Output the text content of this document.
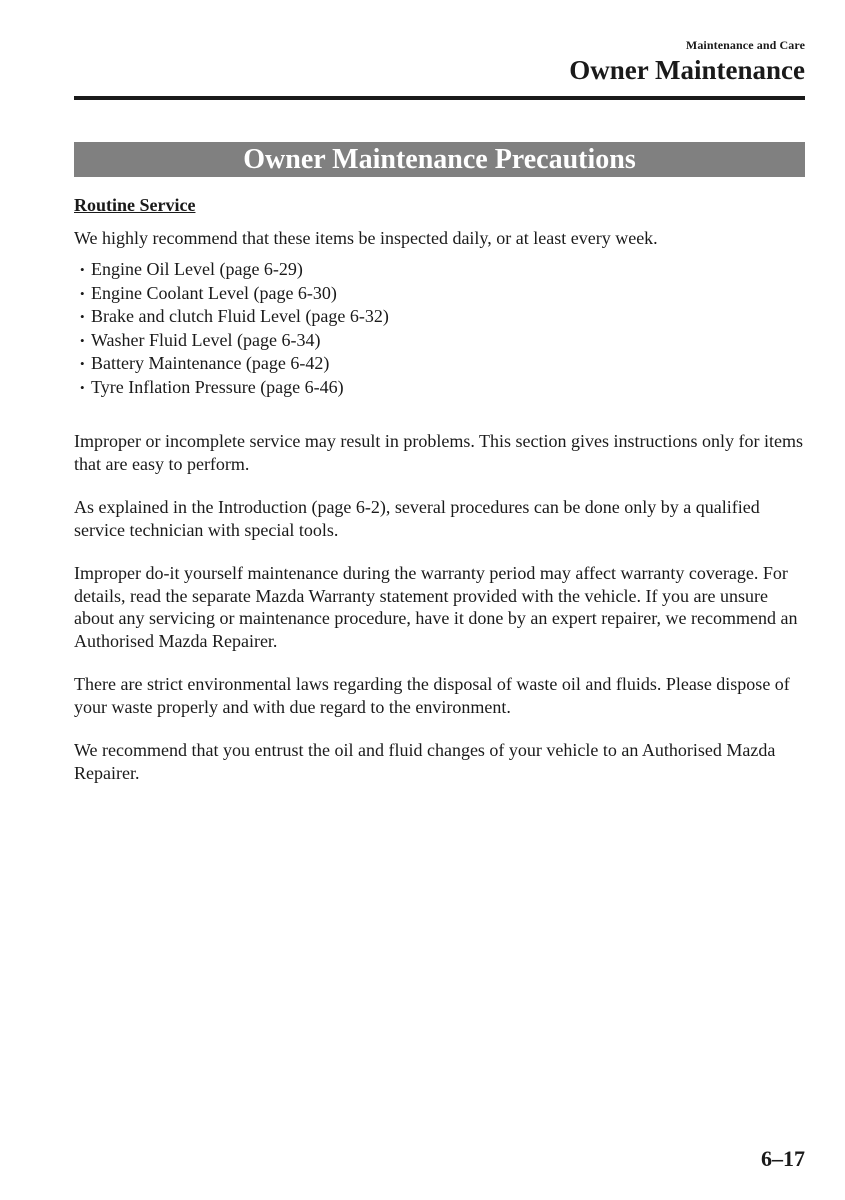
Maintenance and Care
Owner Maintenance
Owner Maintenance Precautions

Routine Service

We highly recommend that these items be inspected daily, or at least every week.

• Engine Oil Level (page 6-29)
• Engine Coolant Level (page 6-30)
• Brake and clutch Fluid Level (page 6-32)
• Washer Fluid Level (page 6-34)
• Battery Maintenance (page 6-42)
• Tyre Inflation Pressure (page 6-46)

Improper or incomplete service may result in problems. This section gives instructions only for items that are easy to perform.

As explained in the Introduction (page 6-2), several procedures can be done only by a qualified service technician with special tools.

Improper do-it yourself maintenance during the warranty period may affect warranty coverage. For details, read the separate Mazda Warranty statement provided with the vehicle. If you are unsure about any servicing or maintenance procedure, have it done by an expert repairer, we recommend an Authorised Mazda Repairer.

There are strict environmental laws regarding the disposal of waste oil and fluids. Please dispose of your waste properly and with due regard to the environment.

We recommend that you entrust the oil and fluid changes of your vehicle to an Authorised Mazda Repairer.

6–17
